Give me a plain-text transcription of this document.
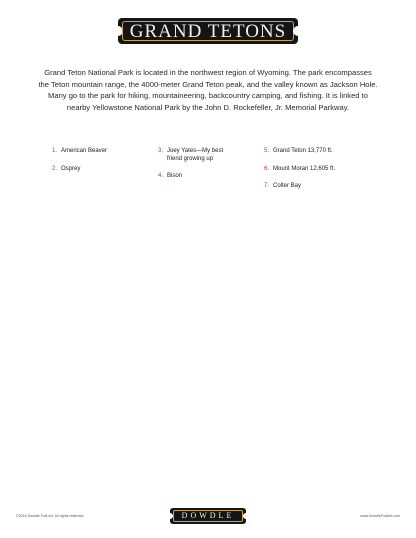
GRAND TETONS

Grand Teton National Park is located in the northwest region of Wyoming. The park encompasses the Teton mountain range, the 4000-meter Grand Teton peak, and the valley known as Jackson Hole. Many go to the park for hiking, mountaineering, backcountry camping, and fishing. It is linked to nearby Yellowstone National Park by the John D. Rockefeller, Jr. Memorial Parkway.

1. American Beaver
2. Osprey
3. Joey Yates—My best friend growing up
4. Bison
5. Grand Teton 13,770 ft.
6. Mount Moran 12,605 ft.
7. Colter Bay
©2016 Dowdle Folk Art. All rights reserved.	DOWDLE	www.DowdleFolkArt.com
